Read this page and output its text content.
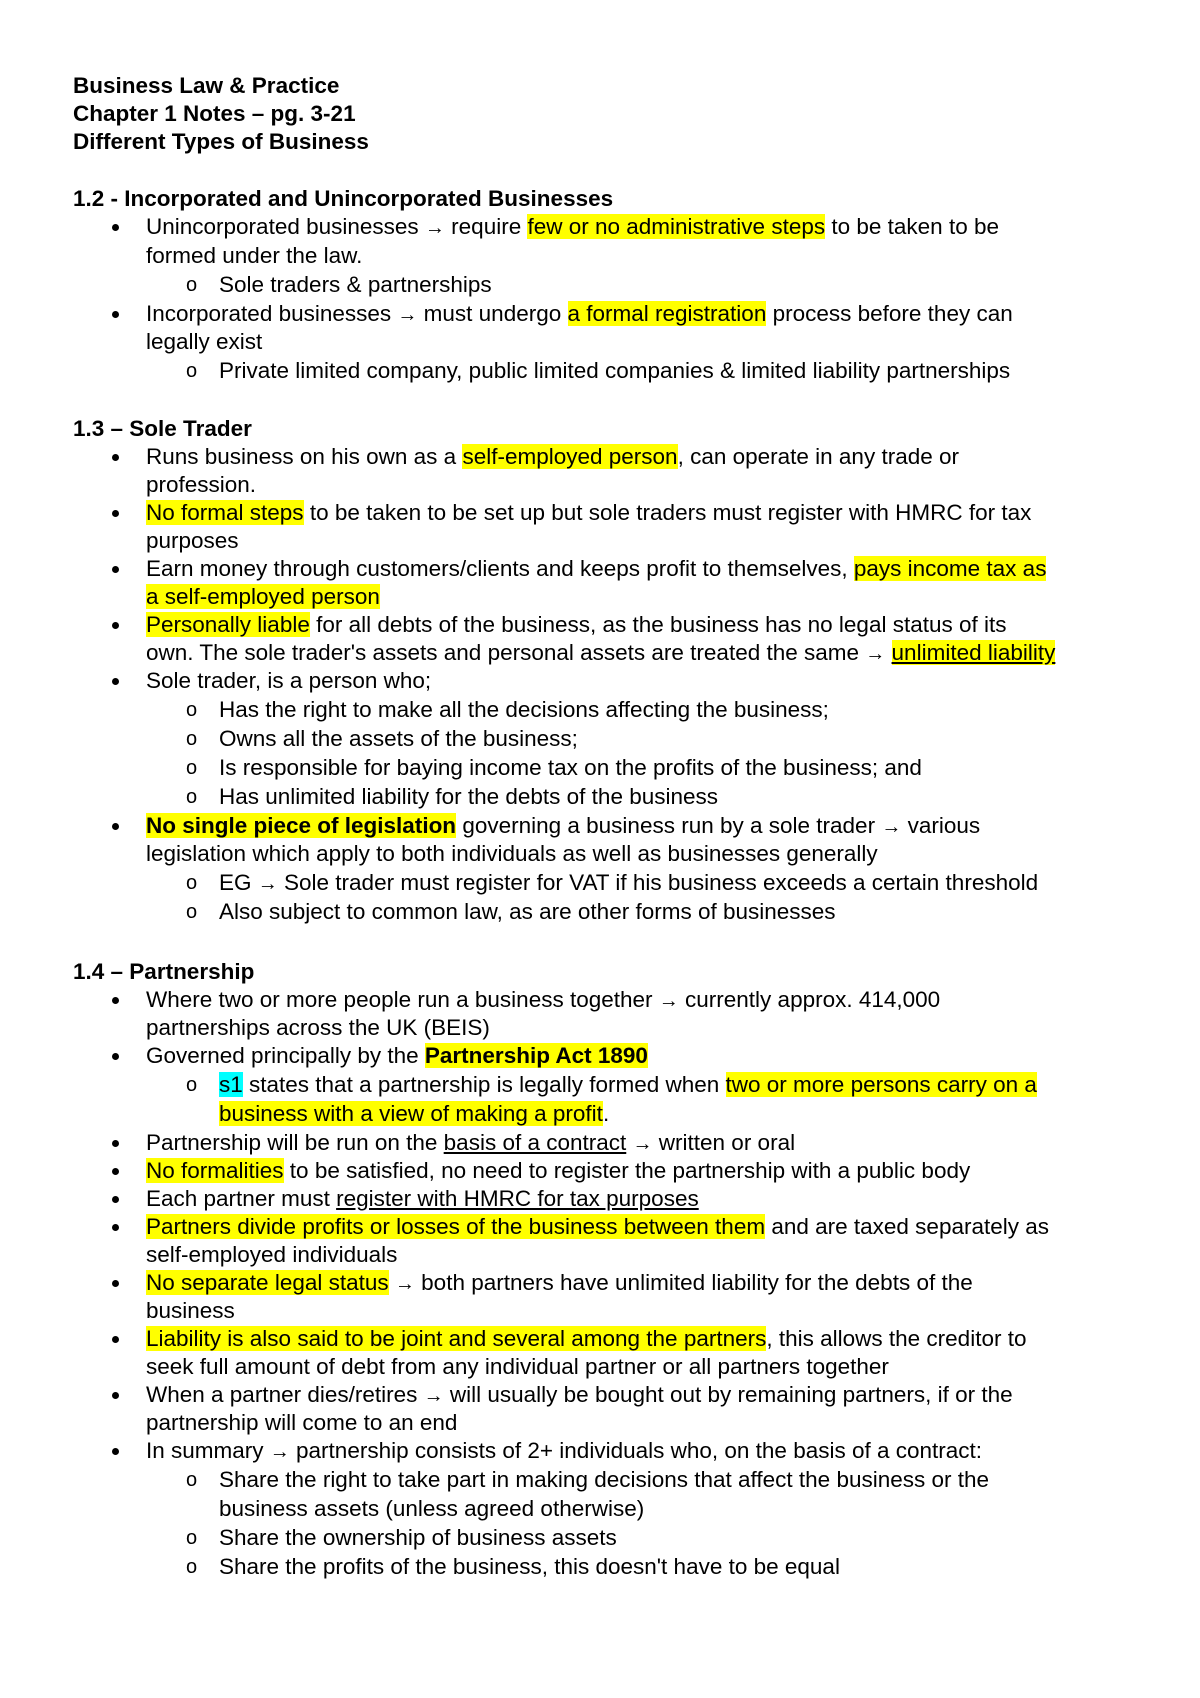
Business Law & Practice
Chapter 1 Notes – pg. 3-21
Different Types of Business
1.2 - Incorporated and Unincorporated Businesses
Unincorporated businesses → require few or no administrative steps to be taken to be
formed under the law.
o Sole traders & partnerships
Incorporated businesses → must undergo a formal registration process before they can
legally exist
o Private limited company, public limited companies & limited liability partnerships
1.3 – Sole Trader
Runs business on his own as a self-employed person, can operate in any trade or
profession.
No formal steps to be taken to be set up but sole traders must register with HMRC for tax
purposes
Earn money through customers/clients and keeps profit to themselves, pays income tax as
a self-employed person
Personally liable for all debts of the business, as the business has no legal status of its
own. The sole trader's assets and personal assets are treated the same → unlimited liability
Sole trader, is a person who;
o Has the right to make all the decisions affecting the business;
o Owns all the assets of the business;
o Is responsible for baying income tax on the profits of the business; and
o Has unlimited liability for the debts of the business
No single piece of legislation governing a business run by a sole trader → various
legislation which apply to both individuals as well as businesses generally
o EG → Sole trader must register for VAT if his business exceeds a certain threshold
o Also subject to common law, as are other forms of businesses
1.4 – Partnership
Where two or more people run a business together → currently approx. 414,000
partnerships across the UK (BEIS)
Governed principally by the Partnership Act 1890
o s1 states that a partnership is legally formed when two or more persons carry on a
business with a view of making a profit.
Partnership will be run on the basis of a contract → written or oral
No formalities to be satisfied, no need to register the partnership with a public body
Each partner must register with HMRC for tax purposes
Partners divide profits or losses of the business between them and are taxed separately as
self-employed individuals
No separate legal status → both partners have unlimited liability for the debts of the
business
Liability is also said to be joint and several among the partners, this allows the creditor to
seek full amount of debt from any individual partner or all partners together
When a partner dies/retires → will usually be bought out by remaining partners, if or the
partnership will come to an end
In summary → partnership consists of 2+ individuals who, on the basis of a contract:
o Share the right to take part in making decisions that affect the business or the
business assets (unless agreed otherwise)
o Share the ownership of business assets
o Share the profits of the business, this doesn't have to be equal
